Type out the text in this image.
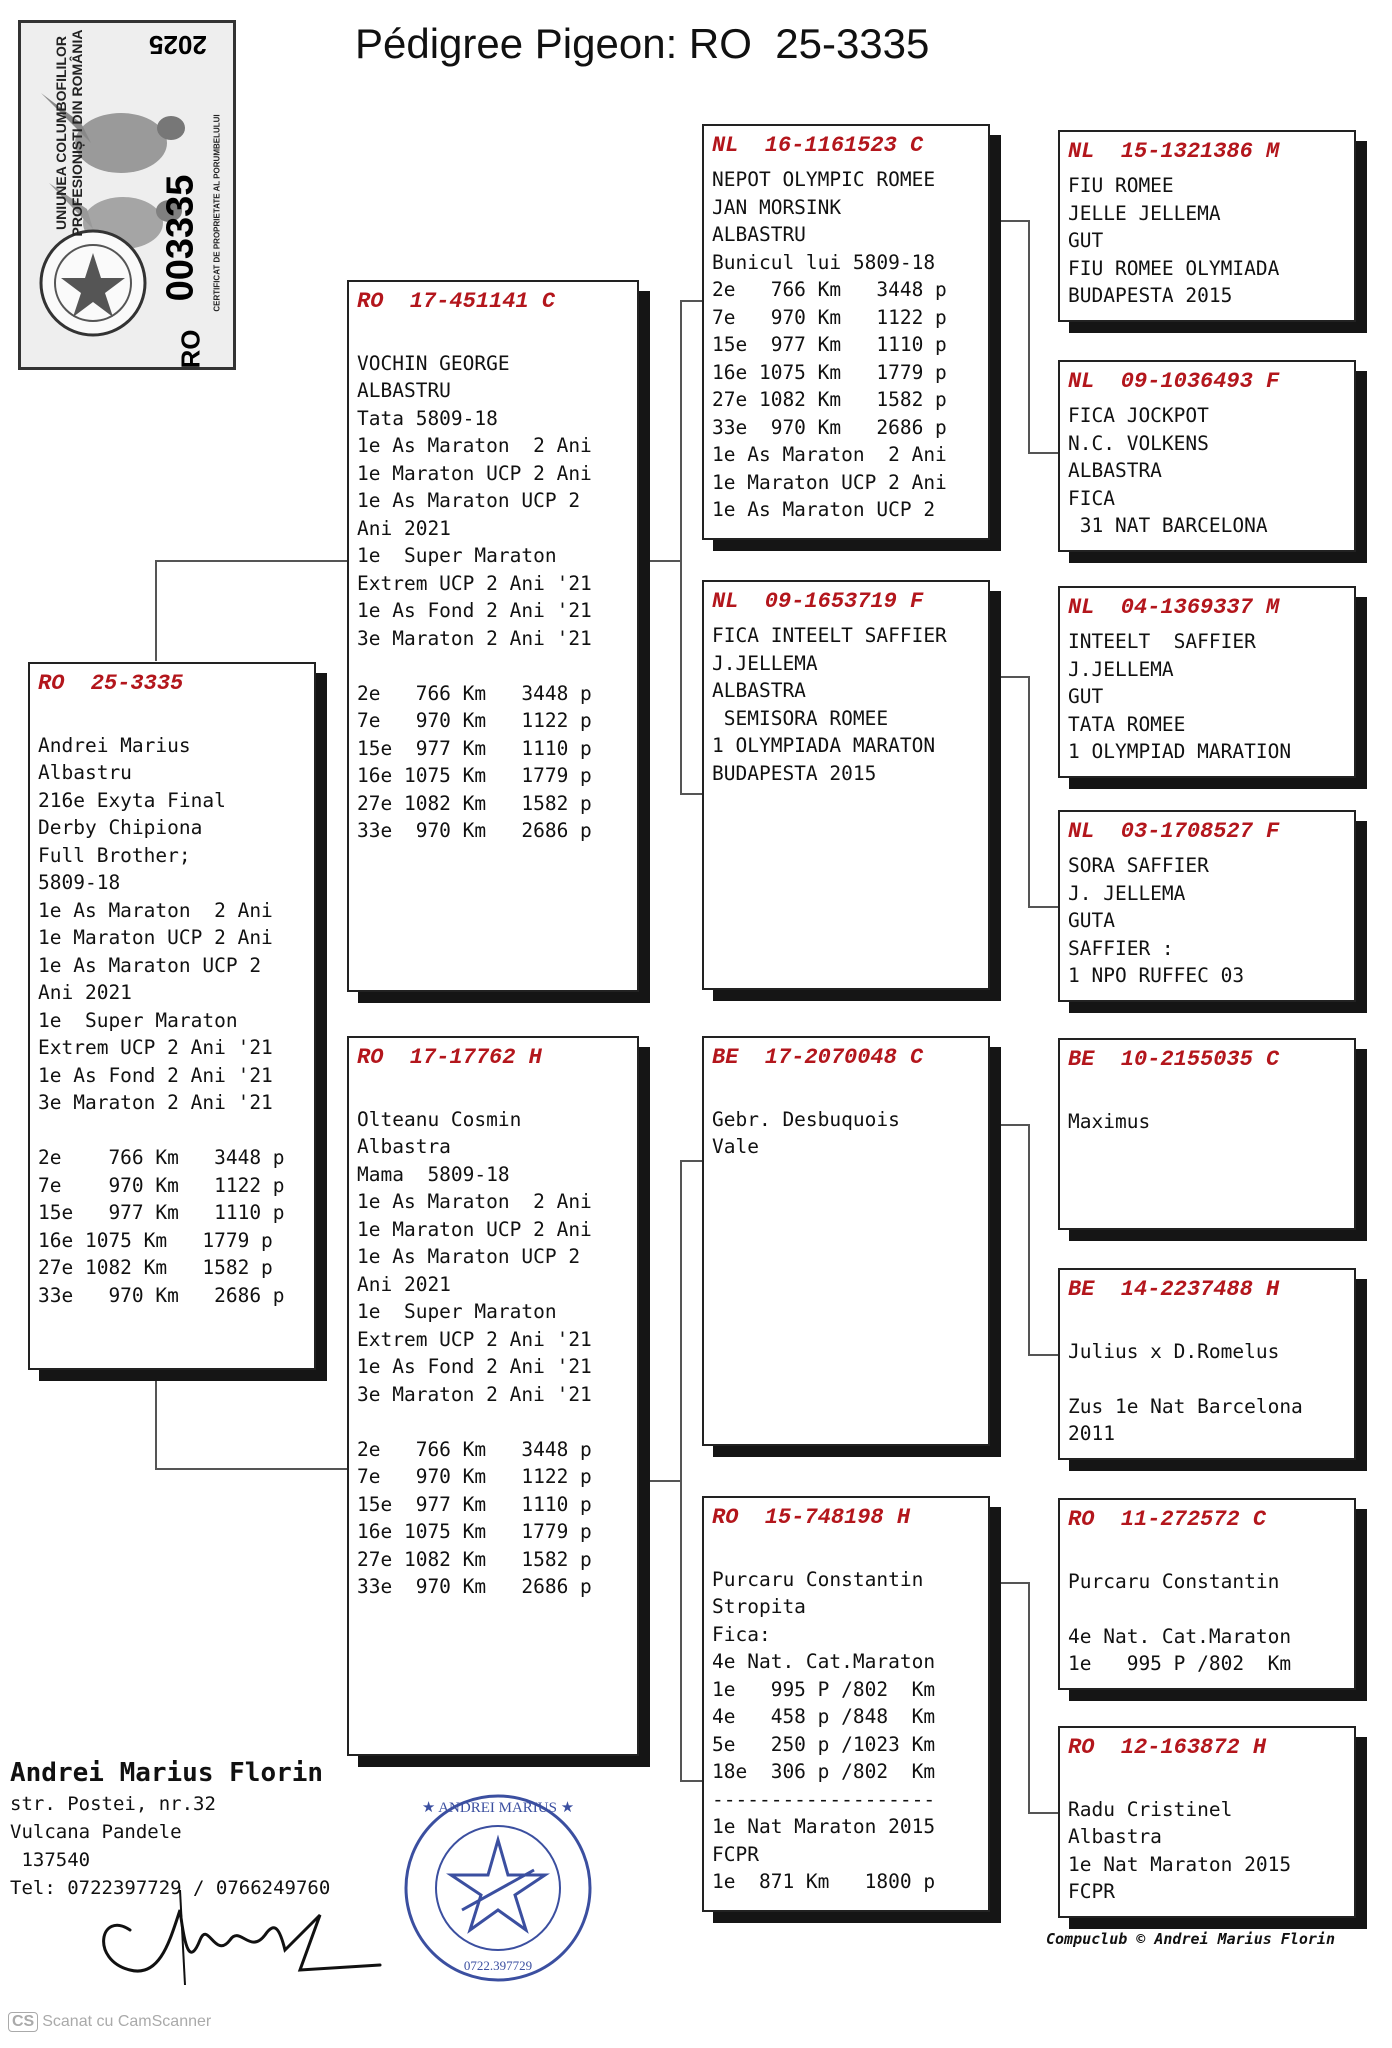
Pédigree Pigeon: RO  25-3335
UNIUNEA COLUMBOFILILOR PROFESIONIȘTI DIN ROMÂNIA	CERTIFICAT DE PROPRIETATE AL PORUMBELULUI
2025
003335
RO
RO  25-3335
Andrei Marius
Albastru
216e Exyta Final
Derby Chipiona
Full Brother;
5809-18
1e As Maraton  2 Ani
1e Maraton UCP 2 Ani
1e As Maraton UCP 2
Ani 2021
1e  Super Maraton
Extrem UCP 2 Ani '21
1e As Fond 2 Ani '21
3e Maraton 2 Ani '21
2e    766 Km   3448 p
7e    970 Km   1122 p
15e   977 Km   1110 p
16e 1075 Km   1779 p
27e 1082 Km   1582 p
33e   970 Km   2686 p
RO  17-451141 C
VOCHIN GEORGE
ALBASTRU
Tata 5809-18
1e As Maraton  2 Ani
1e Maraton UCP 2 Ani
1e As Maraton UCP 2
Ani 2021
1e  Super Maraton
Extrem UCP 2 Ani '21
1e As Fond 2 Ani '21
3e Maraton 2 Ani '21
2e   766 Km   3448 p
7e   970 Km   1122 p
15e  977 Km   1110 p
16e 1075 Km   1779 p
27e 1082 Km   1582 p
33e  970 Km   2686 p
RO  17-17762 H
Olteanu Cosmin
Albastra
Mama  5809-18
1e As Maraton  2 Ani
1e Maraton UCP 2 Ani
1e As Maraton UCP 2
Ani 2021
1e  Super Maraton
Extrem UCP 2 Ani '21
1e As Fond 2 Ani '21
3e Maraton 2 Ani '21
2e   766 Km   3448 p
7e   970 Km   1122 p
15e  977 Km   1110 p
16e 1075 Km   1779 p
27e 1082 Km   1582 p
33e  970 Km   2686 p
NL  16-1161523 C
NEPOT OLYMPIC ROMEE
JAN MORSINK
ALBASTRU
Bunicul lui 5809-18
2e   766 Km   3448 p
7e   970 Km   1122 p
15e  977 Km   1110 p
16e 1075 Km   1779 p
27e 1082 Km   1582 p
33e  970 Km   2686 p
1e As Maraton  2 Ani
1e Maraton UCP 2 Ani
1e As Maraton UCP 2
NL  09-1653719 F
FICA INTEELT SAFFIER
J.JELLEMA
ALBASTRA
SEMISORA ROMEE
1 OLYMPIADA MARATON
BUDAPESTA 2015
BE  17-2070048 C
Gebr. Desbuquois
Vale
RO  15-748198 H
Purcaru Constantin
Stropita
Fica:
4e Nat. Cat.Maraton
1e   995 P /802  Km
4e   458 p /848  Km
5e   250 p /1023 Km
18e  306 p /802  Km
-------------------
1e Nat Maraton 2015
FCPR
1e  871 Km   1800 p
NL  15-1321386 M
FIU ROMEE
JELLE JELLEMA
GUT
FIU ROMEE OLYMIADA
BUDAPESTA 2015
NL  09-1036493 F
FICA JOCKPOT
N.C. VOLKENS
ALBASTRA
FICA
31 NAT BARCELONA
NL  04-1369337 M
INTEELT  SAFFIER
J.JELLEMA
GUT
TATA ROMEE
1 OLYMPIAD MARATION
NL  03-1708527 F
SORA SAFFIER
J. JELLEMA
GUTA
SAFFIER :
1 NPO RUFFEC 03
BE  10-2155035 C
Maximus
BE  14-2237488 H
Julius x D.Romelus
Zus 1e Nat Barcelona
2011
RO  11-272572 C
Purcaru Constantin
4e Nat. Cat.Maraton
1e   995 P /802  Km
RO  12-163872 H
Radu Cristinel
Albastra
1e Nat Maraton 2015
FCPR
Andrei Marius Florin
str. Postei, nr.32
Vulcana Pandele
137540
Tel: 0722397729 / 0766249760
★ ANDREI MARIUS ★
0722.397729
Compuclub © Andrei Marius Florin
CS Scanat cu CamScanner
